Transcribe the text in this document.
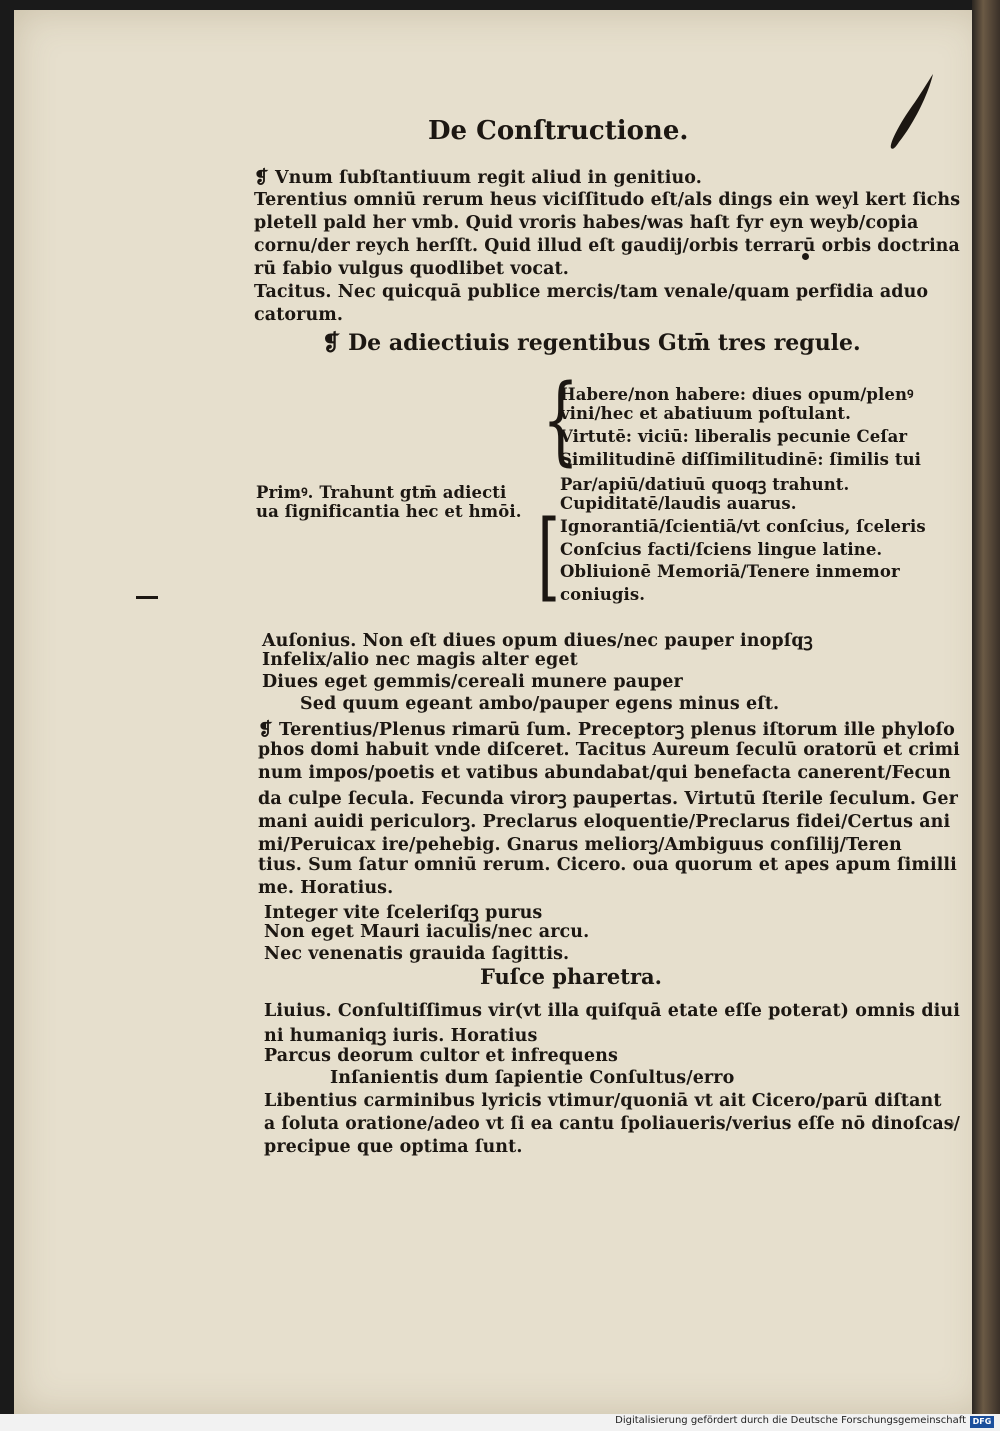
De Conſtructione.
❡ Vnum ſubſtantiuum regit aliud in genitiuo.
Terentius omniū rerum heus viciſſitudo eſt/als dings ein weyl kert ſichs
pletell pald her vmb. Quid vroris habes/was haſt fyr eyn weyb/copia
cornu/der reych herſſt. Quid illud eſt gaudij/orbis terrarū orbis doctrina
rū fabio vulgus quodlibet vocat.
Tacitus. Nec quicquā publice mercis/tam venale/quam perfidia aduo
catorum.
❡ De adiectiuis regentibus Gtm̄ tres regule.
{
[
Primꝰ. Trahunt gtm̄ adiecti
ua ſignificantia hec et hmōi.
Habere/non habere: diues opum/plenꝰ
vini/hec et abatiuum poſtulant.
Virtutē: viciū: liberalis pecunie Ceſar
Similitudinē diſſimilitudinē: ſimilis tui
Par/apiū/datiuū quoqꝫ trahunt.
Cupiditatē/laudis auarus.
Ignorantiā/ſcientiā/vt conſcius, ſceleris
Conſcius facti/ſciens lingue latine.
Obliuionē Memoriā/Tenere inmemor
coniugis.
Auſonius. Non eſt diues opum diues/nec pauper inopſqꝫ
Infelix/alio nec magis alter eget
Diues eget gemmis/cereali munere pauper
Sed quum egeant ambo/pauper egens minus eſt.
❡ Terentius/Plenus rimarū ſum. Preceptorꝫ plenus iſtorum ille phyloſo
phos domi habuit vnde diſceret. Tacitus Aureum ſeculū oratorū et crimi
num impos/poetis et vatibus abundabat/qui benefacta canerent/Fecun
da culpe ſecula. Fecunda virorꝫ paupertas. Virtutū ſterile ſeculum. Ger
mani auidi periculorꝫ. Preclarus eloquentie/Preclarus fidei/Certus ani
mi/Peruicax ire/pehebig. Gnarus meliorꝫ/Ambiguus conſilij/Teren
tius. Sum ſatur omniū rerum. Cicero. oua quorum et apes apum ſimilli
me. Horatius.
Integer vite ſceleriſqꝫ purus
Non eget Mauri iaculis/nec arcu.
Nec venenatis grauida ſagittis.
Fuſce pharetra.
Liuius. Conſultiſſimus vir(vt illa quiſquā etate eſſe poterat) omnis diui
ni humaniqꝫ iuris. Horatius
Parcus deorum cultor et infrequens
Inſanientis dum ſapientie Conſultus/erro
Libentius carminibus lyricis vtimur/quoniā vt ait Cicero/parū diſtant
a ſoluta oratione/adeo vt ſi ea cantu ſpoliaueris/verius eſſe nō dinoſcas/
precipue que optima ſunt.
Digitalisierung gefördert durch die Deutsche Forschungsgemeinschaft DFG
